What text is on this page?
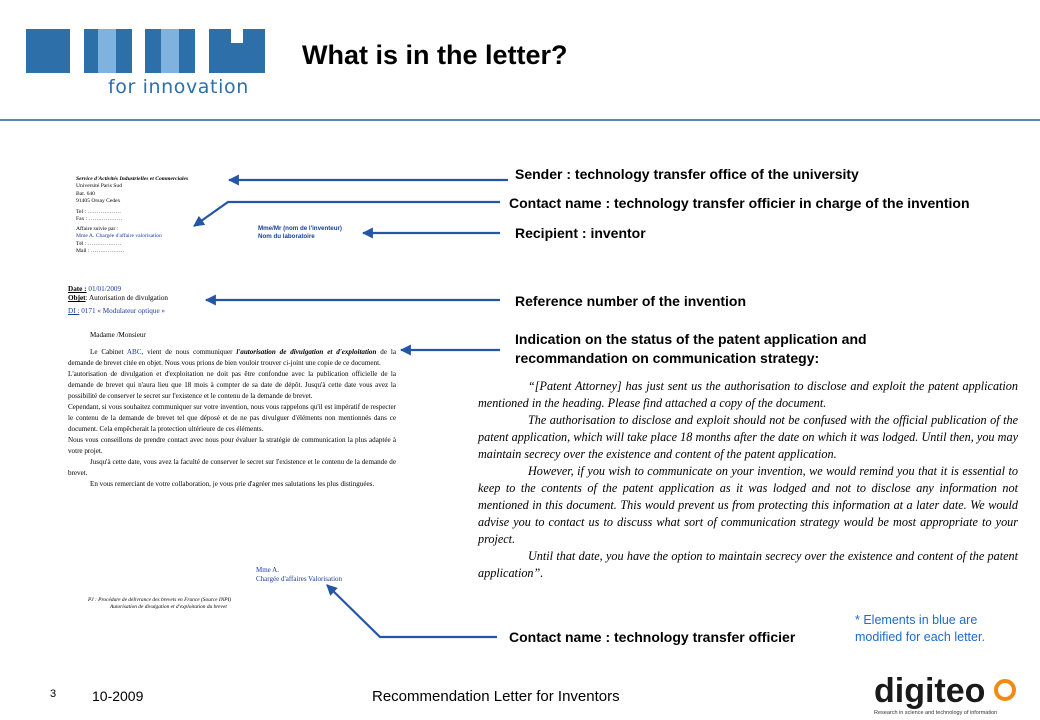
for innovation
What is in the letter?
Service d'Activités Industrielles et Commerciales
Université Paris Sud
Bat. 640
91405 Orsay Cedex
Tel : ………………
Fax : ………………
Affaire suivie par :
Mme A. Chargée d'affaire valorisation
Tél : ………………
Mail : ………………
Mme/Mr (nom de l'inventeur)
Nom du laboratoire
Date : 01/01/2009
Objet: Autorisation de divulgation
DI : 0171 « Modulateur optique »

Madame /Monsieur

Le Cabinet ABC, vient de nous communiquer l'autorisation de divulgation et d'exploitation de la demande de brevet citée en objet. Nous vous prions de bien vouloir trouver ci-joint une copie de ce document.

L'autorisation de divulgation et d'exploitation ne doit pas être confondue avec la publication officielle de la demande de brevet qui n'aura lieu que 18 mois à compter de sa date de dépôt. Jusqu'à cette date vous avez la possibilité de conserver le secret sur l'existence et le contenu de la demande de brevet.

Cependant, si vous souhaitez communiquer sur votre invention, nous vous rappelons qu'il est impératif de respecter le contenu de la demande de brevet tel que déposé et de ne pas divulguer d'éléments non mentionnés dans ce document. Cela empêcherait la protection ultérieure de ces éléments.

Nous vous conseillons de prendre contact avec nous pour évaluer la stratégie de communication la plus adaptée à votre projet.

Jusqu'à cette date, vous avez la faculté de conserver le secret sur l'existence et le contenu de la demande de brevet.

En vous remerciant de votre collaboration, je vous prie d'agréer mes salutations les plus distinguées.

Mme A.
Chargée d'affaires Valorisation
PJ : Procédure de délivrance des brevets en France (Source INPI)
Autorisation de divulgation et d'exploitation du brevet
Sender : technology transfer office of the university
Contact name : technology transfer officier in charge of the invention
Recipient : inventor
Reference number of the invention
Indication on the status of the patent application and
recommandation on communication strategy:
Contact name : technology transfer officier

“[Patent Attorney] has just sent us the authorisation to disclose and exploit the patent application mentioned in the heading. Please find attached a copy of the document.

The authorisation to disclose and exploit should not be confused with the official publication of the patent application, which will take place 18 months after the date on which it was lodged. Until then, you may maintain secrecy over the existence and content of the patent application.

However, if you wish to communicate on your invention, we would remind you that it is essential to keep to the contents of the patent application as it was lodged and not to disclose any information not mentioned in this document. This would prevent us from protecting this information at a later date. We would advise you to contact us to discuss what sort of communication strategy would be most appropriate to your project.

Until that date, you have the option to maintain secrecy over the existence and content of the patent application”.

* Elements in blue are
modified for each letter.
3	10-2009	Recommendation Letter for Inventors	digiteo
Research in science and technology of information
